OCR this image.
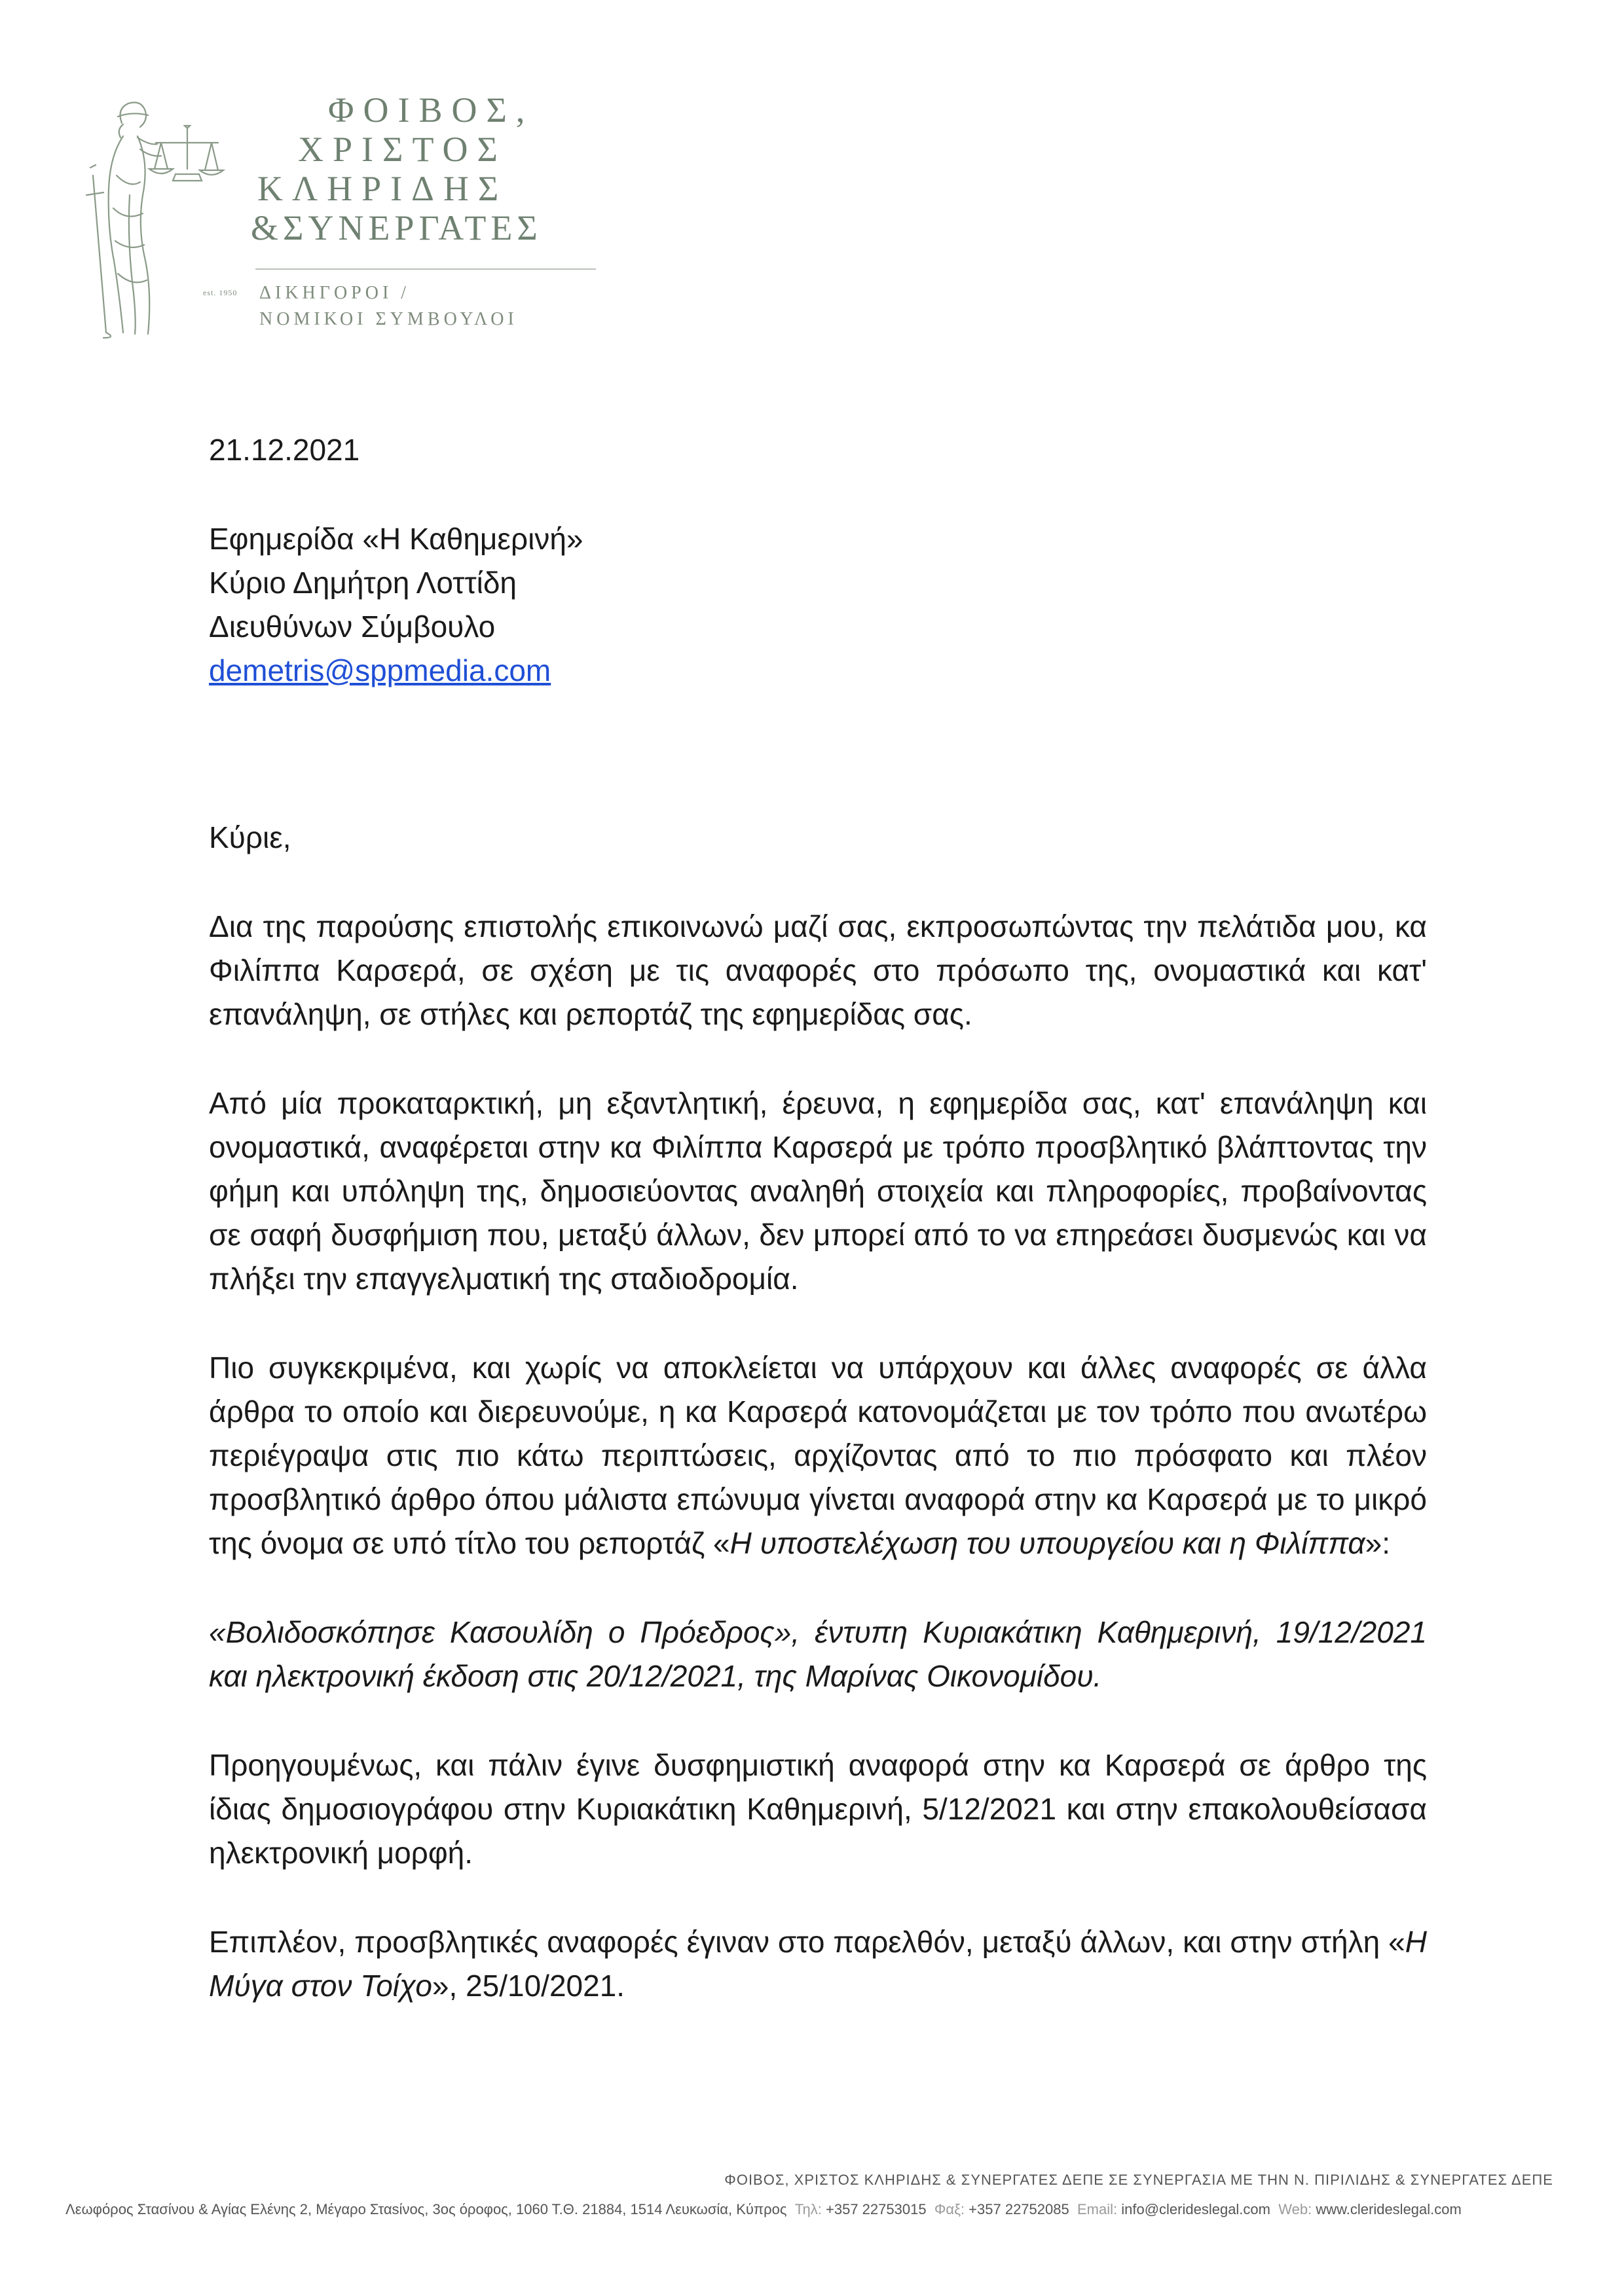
est. 1950
ΦΟΙΒΟΣ,
ΧΡΙΣΤΟΣ
ΚΛΗΡΙΔΗΣ
&ΣΥΝΕΡΓΑΤΕΣ
ΔΙΚΗΓΟΡΟΙ /
ΝΟΜΙΚΟΙ ΣΥΜΒΟΥΛΟΙ
21.12.2021
Εφημερίδα «Η Καθημερινή»
Κύριο Δημήτρη Λοττίδη
Διευθύνων Σύμβουλο
demetris@sppmedia.com
Κύριε,

Δια της παρούσης επιστολής επικοινωνώ μαζί σας, εκπροσωπώντας την πελάτιδα μου, κα Φιλίππα Καρσερά, σε σχέση με τις αναφορές στο πρόσωπο της, ονομαστικά και κατ' επανάληψη, σε στήλες και ρεπορτάζ της εφημερίδας σας.

Από μία προκαταρκτική, μη εξαντλητική, έρευνα, η εφημερίδα σας, κατ' επανάληψη και ονομαστικά, αναφέρεται στην κα Φιλίππα Καρσερά με τρόπο προσβλητικό βλάπτοντας την φήμη και υπόληψη της, δημοσιεύοντας αναληθή στοιχεία και πληροφορίες, προβαίνοντας σε σαφή δυσφήμιση που, μεταξύ άλλων, δεν μπορεί από το να επηρεάσει δυσμενώς και να πλήξει την επαγγελματική της σταδιοδρομία.

Πιο συγκεκριμένα, και χωρίς να αποκλείεται να υπάρχουν και άλλες αναφορές σε άλλα άρθρα το οποίο και διερευνούμε, η κα Καρσερά κατονομάζεται με τον τρόπο που ανωτέρω περιέγραψα στις πιο κάτω περιπτώσεις, αρχίζοντας από το πιο πρόσφατο και πλέον προσβλητικό άρθρο όπου μάλιστα επώνυμα γίνεται αναφορά στην κα Καρσερά με το μικρό της όνομα σε υπό τίτλο του ρεπορτάζ «Η υποστελέχωση του υπουργείου και η Φιλίππα»:

«Βολιδοσκόπησε Κασουλίδη ο Πρόεδρος», έντυπη Κυριακάτικη Καθημερινή, 19/12/2021 και ηλεκτρονική έκδοση στις 20/12/2021, της Μαρίνας Οικονομίδου.

Προηγουμένως, και πάλιν έγινε δυσφημιστική αναφορά στην κα Καρσερά σε άρθρο της ίδιας δημοσιογράφου στην Κυριακάτικη Καθημερινή, 5/12/2021 και στην επακολουθείσασα ηλεκτρονική μορφή.

Επιπλέον, προσβλητικές αναφορές έγιναν στο παρελθόν, μεταξύ άλλων, και στην στήλη «Η Μύγα στον Τοίχο», 25/10/2021.

ΦΟΙΒΟΣ, ΧΡΙΣΤΟΣ ΚΛΗΡΙΔΗΣ & ΣΥΝΕΡΓΑΤΕΣ ΔΕΠΕ ΣΕ ΣΥΝΕΡΓΑΣΙΑ ΜΕ ΤΗΝ Ν. ΠΙΡΙΛΙΔΗΣ & ΣΥΝΕΡΓΑΤΕΣ ΔΕΠΕ
Λεωφόρος Στασίνου & Αγίας Ελένης 2, Μέγαρο Σταsίνος, 3ος όροφος, 1060 Τ.Θ. 21884, 1514 Λευκωσία, Κύπρος Τηλ: +357 22753015 Φαξ: +357 22752085 Email: info@cleridеslegal.com Web: www.clerideslegal.com
